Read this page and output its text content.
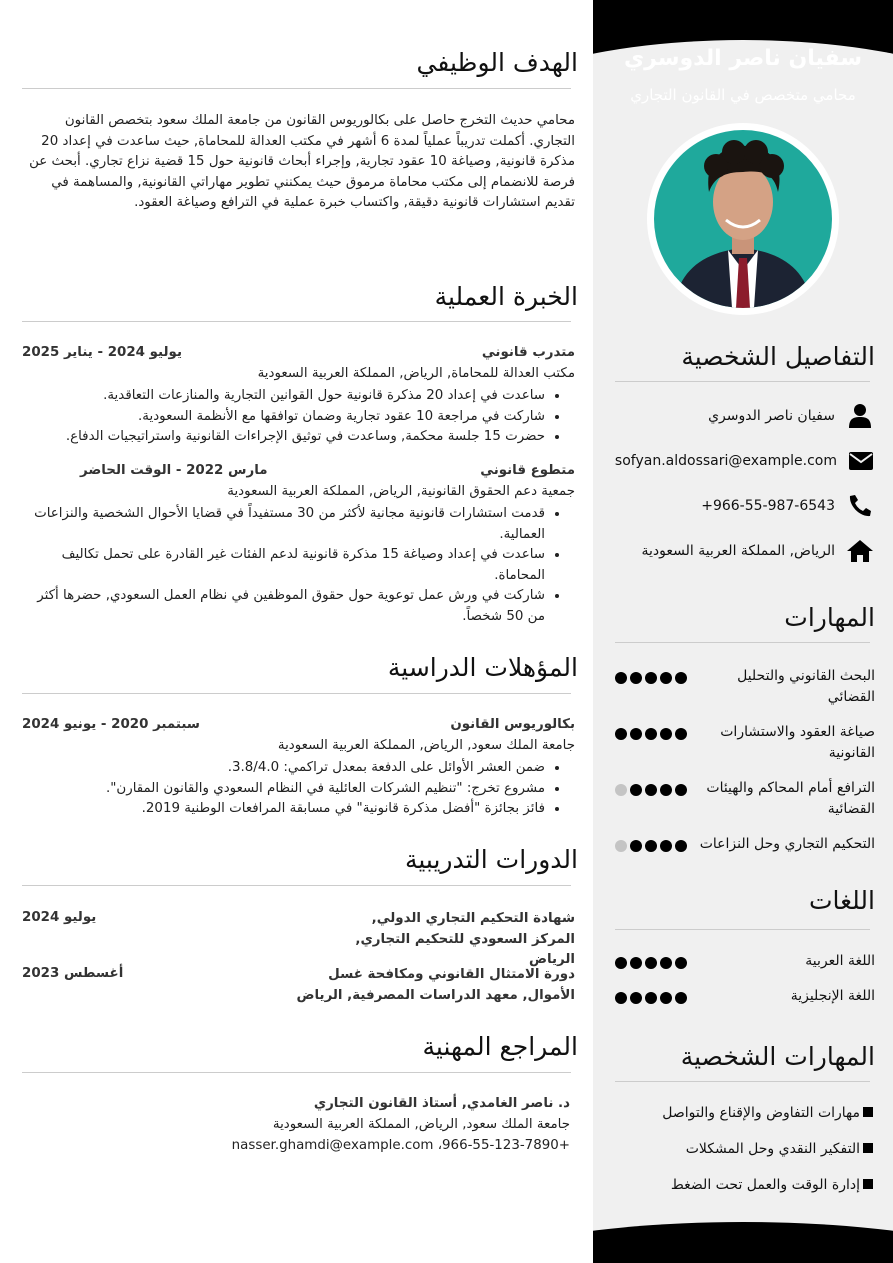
سفيان ناصر الدوسري
محامي متخصص في القانون التجاري
التفاصيل الشخصية
سفيان ناصر الدوسري
sofyan.aldossari@example.com
+966-55-987-6543
الرياض, المملكة العربية السعودية
المهارات
البحث القانوني والتحليل القضائي
صياغة العقود والاستشارات القانونية
الترافع أمام المحاكم والهيئات القضائية
التحكيم التجاري وحل النزاعات
اللغات
اللغة العربية
اللغة الإنجليزية
المهارات الشخصية
مهارات التفاوض والإقناع والتواصل
التفكير النقدي وحل المشكلات
إدارة الوقت والعمل تحت الضغط
الهدف الوظيفي
محامي حديث التخرج حاصل على بكالوريوس القانون من جامعة الملك سعود بتخصص القانون التجاري. أكملت تدريباً عملياً لمدة 6 أشهر في مكتب العدالة للمحاماة, حيث ساعدت في إعداد 20 مذكرة قانونية, وصياغة 10 عقود تجارية, وإجراء أبحاث قانونية حول 15 قضية نزاع تجاري. أبحث عن فرصة للانضمام إلى مكتب محاماة مرموق حيث يمكنني تطوير مهاراتي القانونية, والمساهمة في تقديم استشارات قانونية دقيقة, واكتساب خبرة عملية في الترافع وصياغة العقود.
الخبرة العملية
متدرب قانوني
يوليو 2024 - يناير 2025
مكتب العدالة للمحاماة, الرياض, المملكة العربية السعودية
• ساعدت في إعداد 20 مذكرة قانونية حول القوانين التجارية والمنازعات التعاقدية.
• شاركت في مراجعة 10 عقود تجارية وضمان توافقها مع الأنظمة السعودية.
• حضرت 15 جلسة محكمة, وساعدت في توثيق الإجراءات القانونية واستراتيجيات الدفاع.
متطوع قانوني
مارس 2022 - الوقت الحاضر
جمعية دعم الحقوق القانونية, الرياض, المملكة العربية السعودية
• قدمت استشارات قانونية مجانية لأكثر من 30 مستفيداً في قضايا الأحوال الشخصية والنزاعات العمالية.
• ساعدت في إعداد وصياغة 15 مذكرة قانونية لدعم الفئات غير القادرة على تحمل تكاليف المحاماة.
• شاركت في ورش عمل توعوية حول حقوق الموظفين في نظام العمل السعودي, حضرها أكثر من 50 شخصاً.
المؤهلات الدراسية
بكالوريوس القانون
سبتمبر 2020 - يونيو 2024
جامعة الملك سعود, الرياض, المملكة العربية السعودية
• ضمن العشر الأوائل على الدفعة بمعدل تراكمي: 3.8/4.0.
• مشروع تخرج: "تنظيم الشركات العائلية في النظام السعودي والقانون المقارن".
• فائز بجائزة "أفضل مذكرة قانونية" في مسابقة المرافعات الوطنية 2019.
الدورات التدريبية
شهادة التحكيم التجاري الدولي, المركز السعودي للتحكيم التجاري, الرياض
يوليو 2024
دورة الامتثال القانوني ومكافحة غسل الأموال, معهد الدراسات المصرفية, الرياض
أغسطس 2023
المراجع المهنية
د. ناصر الغامدي, أستاذ القانون التجاري
جامعة الملك سعود, الرياض, المملكة العربية السعودية
+966-55-123-7890، nasser.ghamdi@example.com
